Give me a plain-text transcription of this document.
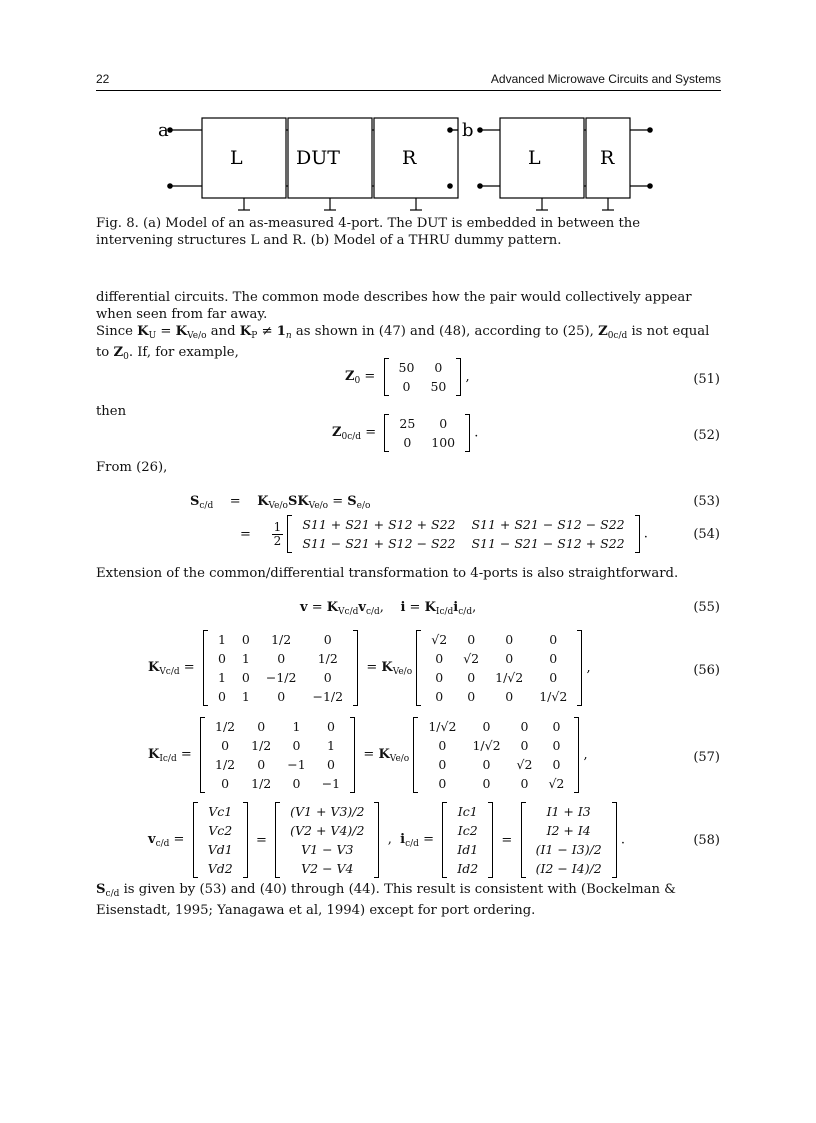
22	Advanced Microwave Circuits and Systems
a	b
L	DUT	R	L	R

Fig. 8. (a) Model of an as-measured 4-port. The DUT is embedded in between the intervening structures L and R. (b) Model of a THRU dummy pattern.

differential circuits. The common mode describes how the pair would collectively appear when seen from far away.

Since $K_U = K_{Ve/o}$ and $K_P \ne 1_n$ as shown in (47) and (48), according to (25), $Z_{0c/d}$ is not equal to $Z_0$. If, for example,

$Z_0$ =
50	0
0	50
,	(51)

then

$Z_{0c/d}$ =
25	0
0	100
.	(52)

From (26),

$S_{c/d}$    =    $K_{Ve/o}SK_{Ve/o} = S_{e/o}$	(53)
= $\frac{1}{2}$
S11 + S21 + S12 + S22	S11 + S21 − S12 − S22
S11 − S21 + S12 − S22	S11 − S21 − S12 + S22
.	(54)

Extension of the common/differential transformation to 4-ports is also straightforward.

$v = K_{Vc/d}v_{c/d}$,    $i = K_{Ic/d}i_{c/d}$,	(55)
$K_{Vc/d}$ =
1	0	1/2	0
0	1	0	1/2
1	0	−1/2	0
0	1	0	−1/2
= $K_{Ve/o}$
√2	0	0	0
0	√2	0	0
0	0	1/√2	0
0	0	0	1/√2
,	(56)
$K_{Ic/d}$ =
1/2	0	1	0
0	1/2	0	1
1/2	0	−1	0
0	1/2	0	−1
= $K_{Ve/o}$
1/√2	0	0	0
0	1/√2	0	0
0	0	√2	0
0	0	0	√2
,	(57)
$v_{c/d}$ =
Vc1
Vc2
Vd1
Vd2
=
(V1 + V3)/2
(V2 + V4)/2
V1 − V3
V2 − V4
,  $i_{c/d}$ =
Ic1
Ic2
Id1
Id2
=
I1 + I3
I2 + I4
(I1 − I3)/2
(I2 − I4)/2
.	(58)

$S_{c/d}$ is given by (53) and (40) through (44). This result is consistent with (Bockelman & Eisenstadt, 1995; Yanagawa et al, 1994) except for port ordering.
